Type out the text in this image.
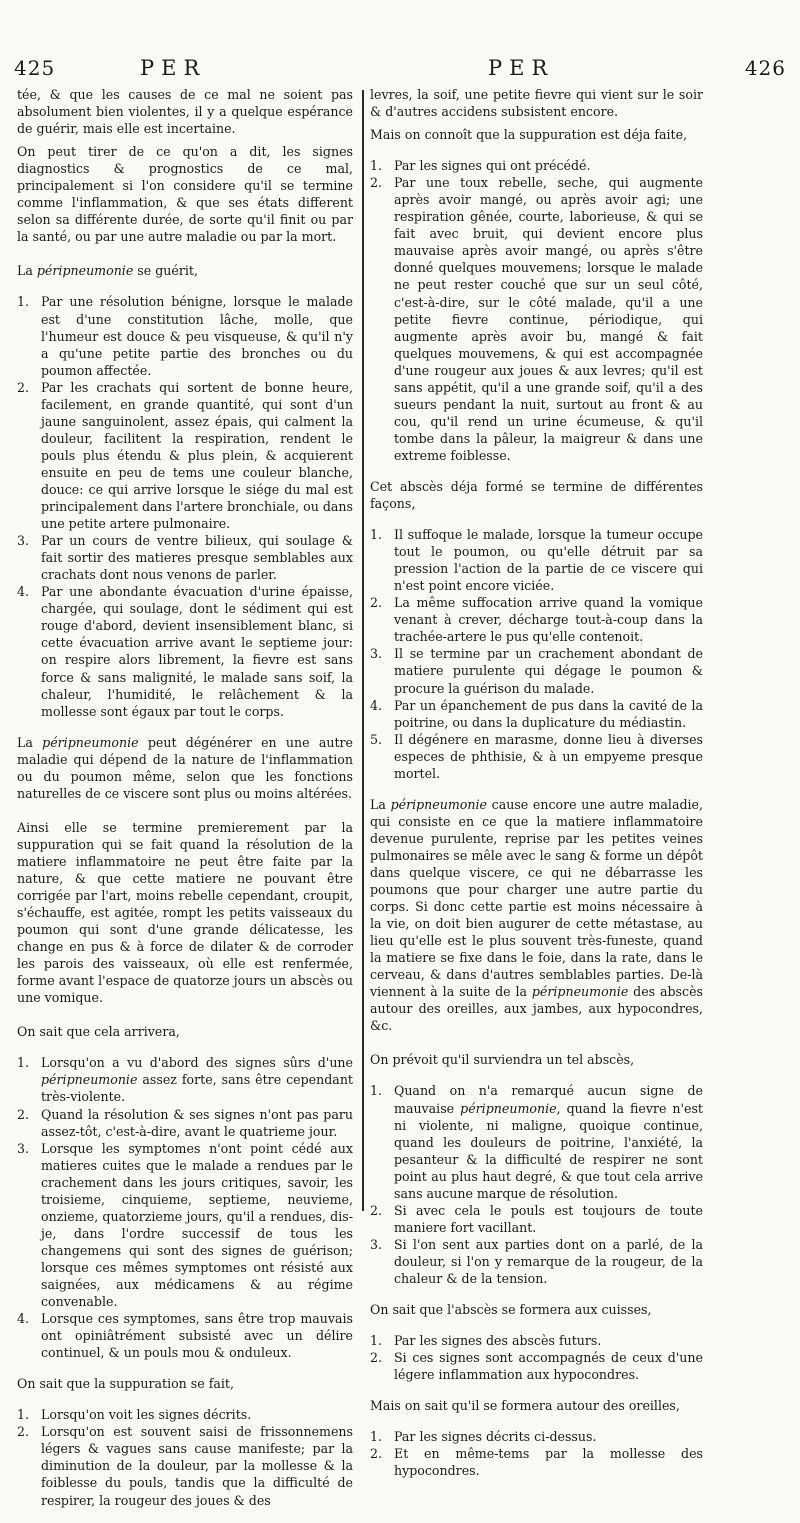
425	PER	PER	426

tée, & que les causes de ce mal ne soient pas absolument bien violentes, il y a quelque espérance de guérir, mais elle est incertaine.

On peut tirer de ce qu'on a dit, les signes diagnostics & prognostics de ce mal, principalement si l'on considere qu'il se termine comme l'inflammation, & que ses états different selon sa différente durée, de sorte qu'il finit ou par la santé, ou par une autre maladie ou par la mort.

La péripneumonie se guérit,

1. Par une résolution bénigne, lorsque le malade est d'une constitution lâche, molle, que l'humeur est douce & peu visqueuse, & qu'il n'y a qu'une petite partie des bronches ou du poumon affectée.
2. Par les crachats qui sortent de bonne heure, facilement, en grande quantité, qui sont d'un jaune sanguinolent, assez épais, qui calment la douleur, facilitent la respiration, rendent le pouls plus étendu & plus plein, & acquierent ensuite en peu de tems une couleur blanche, douce: ce qui arrive lorsque le siége du mal est principalement dans l'artere bronchiale, ou dans une petite artere pulmonaire.
3. Par un cours de ventre bilieux, qui soulage & fait sortir des matieres presque semblables aux crachats dont nous venons de parler.
4. Par une abondante évacuation d'urine épaisse, chargée, qui soulage, dont le sédiment qui est rouge d'abord, devient insensiblement blanc, si cette évacuation arrive avant le septieme jour: on respire alors librement, la fievre est sans force & sans malignité, le malade sans soif, la chaleur, l'humidité, le relâchement & la mollesse sont égaux par tout le corps.

La péripneumonie peut dégénérer en une autre maladie qui dépend de la nature de l'inflammation ou du poumon même, selon que les fonctions naturelles de ce viscere sont plus ou moins altérées.

Ainsi elle se termine premierement par la suppuration qui se fait quand la résolution de la matiere inflammatoire ne peut être faite par la nature, & que cette matiere ne pouvant être corrigée par l'art, moins rebelle cependant, croupit, s'échauffe, est agitée, rompt les petits vaisseaux du poumon qui sont d'une grande délicatesse, les change en pus & à force de dilater & de corroder les parois des vaisseaux, où elle est renfermée, forme avant l'espace de quatorze jours un abscès ou une vomique.

On sait que cela arrivera,

1. Lorsqu'on a vu d'abord des signes sûrs d'une péripneumonie assez forte, sans être cependant très-violente.
2. Quand la résolution & ses signes n'ont pas paru assez-tôt, c'est-à-dire, avant le quatrieme jour.
3. Lorsque les symptomes n'ont point cédé aux matieres cuites que le malade a rendues par le crachement dans les jours critiques, savoir, les troisieme, cinquieme, septieme, neuvieme, onzieme, quatorzieme jours, qu'il a rendues, dis-je, dans l'ordre successif de tous les changemens qui sont des signes de guérison; lorsque ces mêmes symptomes ont résisté aux saignées, aux médicamens & au régime convenable.
4. Lorsque ces symptomes, sans être trop mauvais ont opiniâtrément subsisté avec un délire continuel, & un pouls mou & onduleux.

On sait que la suppuration se fait,

1. Lorsqu'on voit les signes décrits.
2. Lorsqu'on est souvent saisi de frissonnemens légers & vagues sans cause manifeste; par la diminution de la douleur, par la mollesse & la foiblesse du pouls, tandis que la difficulté de respirer, la rougeur des joues & des

levres, la soif, une petite fievre qui vient sur le soir & d'autres accidens subsistent encore.

Mais on connoît que la suppuration est déja faite,

1. Par les signes qui ont précédé.
2. Par une toux rebelle, seche, qui augmente après avoir mangé, ou après avoir agi; une respiration gênée, courte, laborieuse, & qui se fait avec bruit, qui devient encore plus mauvaise après avoir mangé, ou après s'être donné quelques mouvemens; lorsque le malade ne peut rester couché que sur un seul côté, c'est-à-dire, sur le côté malade, qu'il a une petite fievre continue, périodique, qui augmente après avoir bu, mangé & fait quelques mouvemens, & qui est accompagnée d'une rougeur aux joues & aux levres; qu'il est sans appétit, qu'il a une grande soif, qu'il a des sueurs pendant la nuit, surtout au front & au cou, qu'il rend un urine écumeuse, & qu'il tombe dans la pâleur, la maigreur & dans une extreme foiblesse.

Cet abscès déja formé se termine de différentes façons,

1. Il suffoque le malade, lorsque la tumeur occupe tout le poumon, ou qu'elle détruit par sa pression l'action de la partie de ce viscere qui n'est point encore viciée.
2. La même suffocation arrive quand la vomique venant à crever, décharge tout-à-coup dans la trachée-artere le pus qu'elle contenoit.
3. Il se termine par un crachement abondant de matiere purulente qui dégage le poumon & procure la guérison du malade.
4. Par un épanchement de pus dans la cavité de la poitrine, ou dans la duplicature du médiastin.
5. Il dégénere en marasme, donne lieu à diverses especes de phthisie, & à un empyeme presque mortel.

La péripneumonie cause encore une autre maladie, qui consiste en ce que la matiere inflammatoire devenue purulente, reprise par les petites veines pulmonaires se mêle avec le sang & forme un dépôt dans quelque viscere, ce qui ne débarrasse les poumons que pour charger une autre partie du corps. Si donc cette partie est moins nécessaire à la vie, on doit bien augurer de cette métastase, au lieu qu'elle est le plus souvent très-funeste, quand la matiere se fixe dans le foie, dans la rate, dans le cerveau, & dans d'autres semblables parties. De-là viennent à la suite de la péripneumonie des abscès autour des oreilles, aux jambes, aux hypocondres, &c.

On prévoit qu'il surviendra un tel abscès,

1. Quand on n'a remarqué aucun signe de mauvaise péripneumonie, quand la fievre n'est ni violente, ni maligne, quoique continue, quand les douleurs de poitrine, l'anxiété, la pesanteur & la difficulté de respirer ne sont point au plus haut degré, & que tout cela arrive sans aucune marque de résolution.
2. Si avec cela le pouls est toujours de toute maniere fort vacillant.
3. Si l'on sent aux parties dont on a parlé, de la douleur, si l'on y remarque de la rougeur, de la chaleur & de la tension.

On sait que l'abscès se formera aux cuisses,

1. Par les signes des abscès futurs.
2. Si ces signes sont accompagnés de ceux d'une légere inflammation aux hypocondres.

Mais on sait qu'il se formera autour des oreilles,

1. Par les signes décrits ci-dessus.
2. Et en même-tems par la mollesse des hypocondres.
